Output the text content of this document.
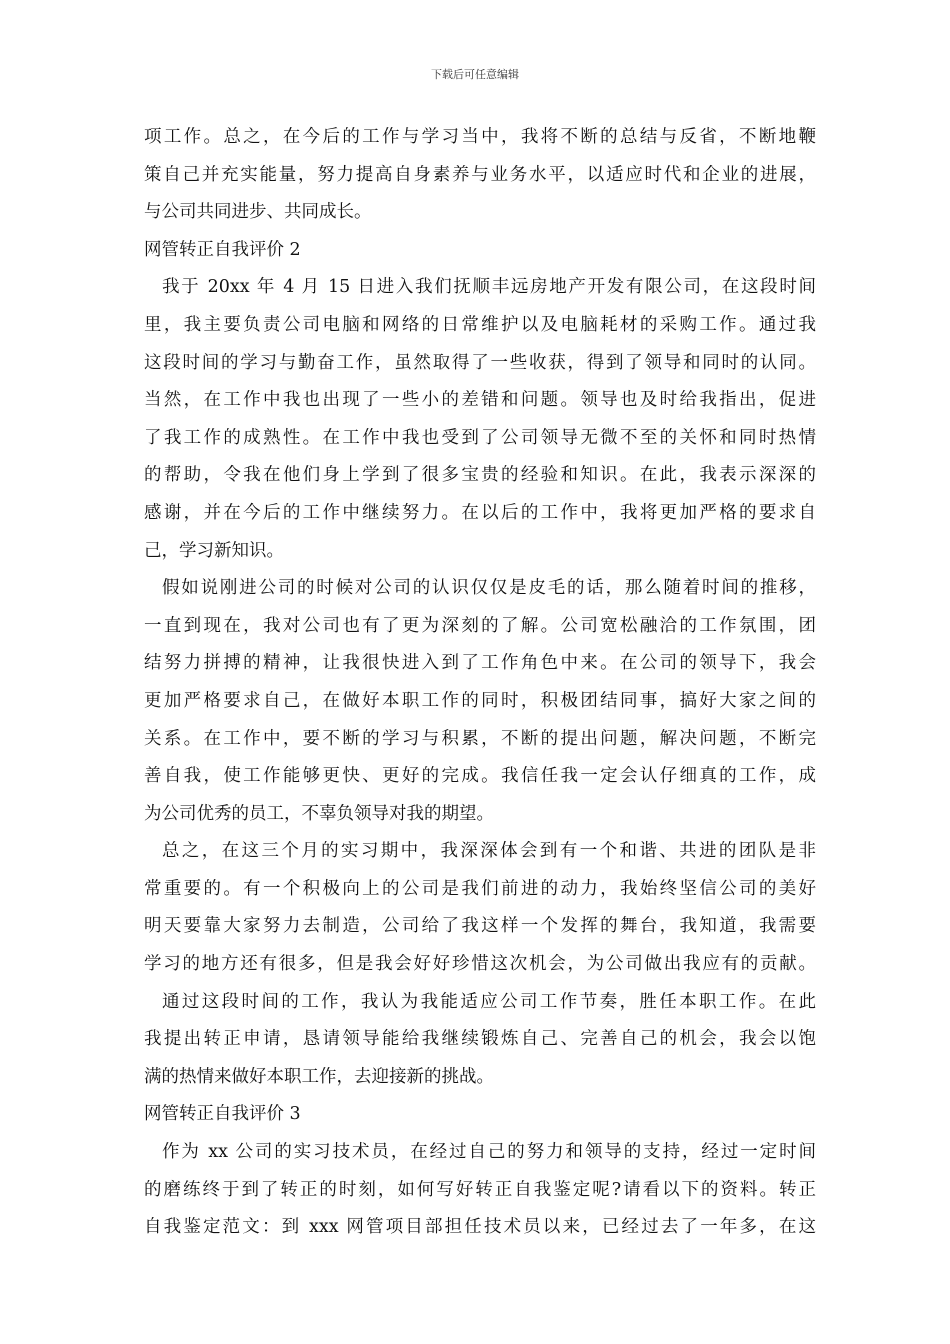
下载后可任意编辑
项工作。总之，在今后的工作与学习当中，我将不断的总结与反省，不断地鞭
策自己并充实能量，努力提高自身素养与业务水平，以适应时代和企业的进展，
与公司共同进步、共同成长。
网管转正自我评价 2
我于 20xx 年 4 月 15 日进入我们抚顺丰远房地产开发有限公司，在这段时间
里，我主要负责公司电脑和网络的日常维护以及电脑耗材的采购工作。通过我
这段时间的学习与勤奋工作，虽然取得了一些收获，得到了领导和同时的认同。
当然，在工作中我也出现了一些小的差错和问题。领导也及时给我指出，促进
了我工作的成熟性。在工作中我也受到了公司领导无微不至的关怀和同时热情
的帮助，令我在他们身上学到了很多宝贵的经验和知识。在此，我表示深深的
感谢，并在今后的工作中继续努力。在以后的工作中，我将更加严格的要求自
己，学习新知识。
假如说刚进公司的时候对公司的认识仅仅是皮毛的话，那么随着时间的推移，
一直到现在，我对公司也有了更为深刻的了解。公司宽松融洽的工作氛围，团
结努力拼搏的精神，让我很快进入到了工作角色中来。在公司的领导下，我会
更加严格要求自己，在做好本职工作的同时，积极团结同事，搞好大家之间的
关系。在工作中，要不断的学习与积累，不断的提出问题，解决问题，不断完
善自我，使工作能够更快、更好的完成。我信任我一定会认仔细真的工作，成
为公司优秀的员工，不辜负领导对我的期望。
总之，在这三个月的实习期中，我深深体会到有一个和谐、共进的团队是非
常重要的。有一个积极向上的公司是我们前进的动力，我始终坚信公司的美好
明天要靠大家努力去制造，公司给了我这样一个发挥的舞台，我知道，我需要
学习的地方还有很多，但是我会好好珍惜这次机会，为公司做出我应有的贡献。
通过这段时间的工作，我认为我能适应公司工作节奏，胜任本职工作。在此
我提出转正申请，恳请领导能给我继续锻炼自己、完善自己的机会，我会以饱
满的热情来做好本职工作，去迎接新的挑战。
网管转正自我评价 3
作为 xx 公司的实习技术员，在经过自己的努力和领导的支持，经过一定时间
的磨练终于到了转正的时刻，如何写好转正自我鉴定呢?请看以下的资料。转正
自我鉴定范文：到 xxx 网管项目部担任技术员以来，已经过去了一年多，在这
